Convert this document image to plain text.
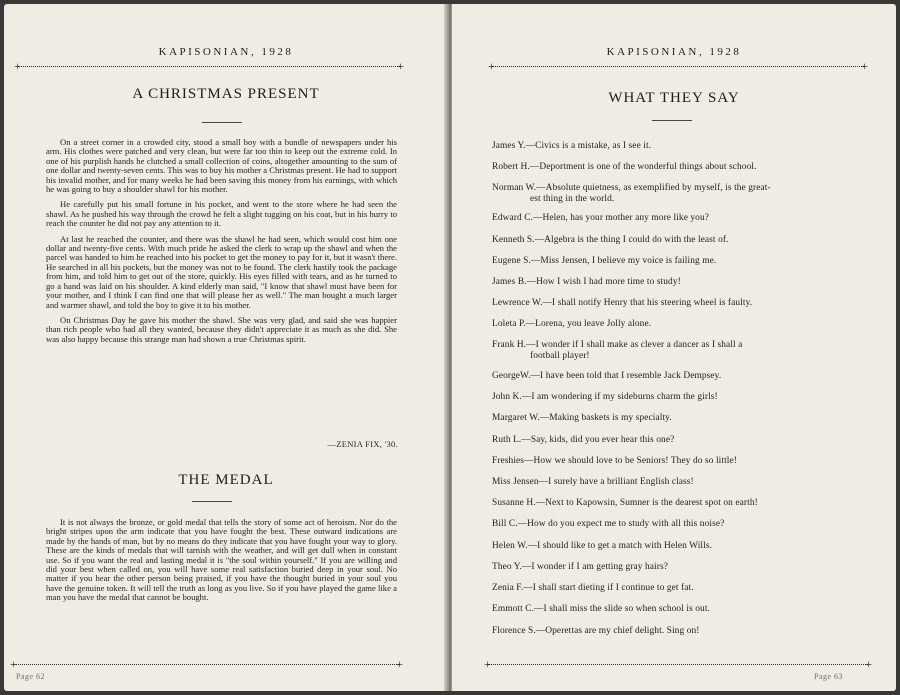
KAPISONIAN, 1928
+	+
A CHRISTMAS PRESENT

On a street corner in a crowded city, stood a small boy with a bundle of newspapers under his arm. His clothes were patched and very clean, but were far too thin to keep out the extreme cold. In one of his purplish hands he clutched a small collection of coins, altogether amounting to the sum of one dollar and twenty-seven cents. This was to buy his mother a Christmas present. He had to support his invalid mother, and for many weeks he had been saving this money from his earnings, with which he was going to buy a shoulder shawl for his mother.

He carefully put his small fortune in his pocket, and went to the store where he had seen the shawl. As he pushed his way through the crowd he felt a slight tugging on his coat, but in his hurry to reach the counter he did not pay any attention to it.

At last he reached the counter, and there was the shawl he had seen, which would cost him one dollar and twenty-five cents. With much pride he asked the clerk to wrap up the shawl and when the parcel was handed to him he reached into his pocket to get the money to pay for it, but it wasn't there. He searched in all his pockets, but the money was not to be found. The clerk hastily took the package from him, and told him to get out of the store, quickly. His eyes filled with tears, and as he turned to go a hand was laid on his shoulder. A kind elderly man said, "I know that shawl must have been for your mother, and I think I can find one that will please her as well." The man bought a much larger and warmer shawl, and told the boy to give it to his mother.

On Christmas Day he gave his mother the shawl. She was very glad, and said she was happier than rich people who had all they wanted, because they didn't appreciate it as much as she did. She was also happy because this strange man had shown a true Christmas spirit.

—ZENIA FIX, '30.
THE MEDAL

It is not always the bronze, or gold medal that tells the story of some act of heroism. Nor do the bright stripes upon the arm indicate that you have fought the best. These outward indications are made by the hands of man, but by no means do they indicate that you have fought your way to glory. These are the kinds of medals that will tarnish with the weather, and will get dull when in constant use. So if you want the real and lasting medal it is "the soul within yourself." If you are willing and did your best when called on, you will have some real satisfaction buried deep in your soul. No matter if you hear the other person being praised, if you have the thought buried in your soul you have the genuine token. It will tell the truth as long as you live. So if you have played the game like a man you have the medal that cannot be bought.

+	+
Page 62
KAPISONIAN, 1928
+	+
WHAT THEY SAY
James Y.—Civics is a mistake, as I see it.
Robert H.—Deportment is one of the wonderful things about school.
Norman W.—Absolute quietness, as exemplified by myself, is the great-
est thing in the world.
Edward C.—Helen, has your mother any more like you?
Kenneth S.—Algebra is the thing I could do with the least of.
Eugene S.—Miss Jensen, I believe my voice is failing me.
James B.—How I wish I had more time to study!
Lewrence W.—I shall notify Henry that his steering wheel is faulty.
Loleta P.—Lorena, you leave Jolly alone.
Frank H.—I wonder if I shall make as clever a dancer as I shall a
football player!
GeorgeW.—I have been told that I resemble Jack Dempsey.
John K.—I am wondering if my sideburns charm the girls!
Margaret W.—Making baskets is my specialty.
Ruth L.—Say, kids, did you ever hear this one?
Freshies—How we should love to be Seniors! They do so little!
Miss Jensen—I surely have a brilliant English class!
Susanne H.—Next to Kapowsin, Sumner is the dearest spot on earth!
Bill C.—How do you expect me to study with all this noise?
Helen W.—I should like to get a match with Helen Wills.
Theo Y.—I wonder if I am getting gray hairs?
Zenia F.—I shall start dieting if I continue to get fat.
Emmott C.—I shall miss the slide so when school is out.
Florence S.—Operettas are my chief delight. Sing on!
+	+
Page 63
